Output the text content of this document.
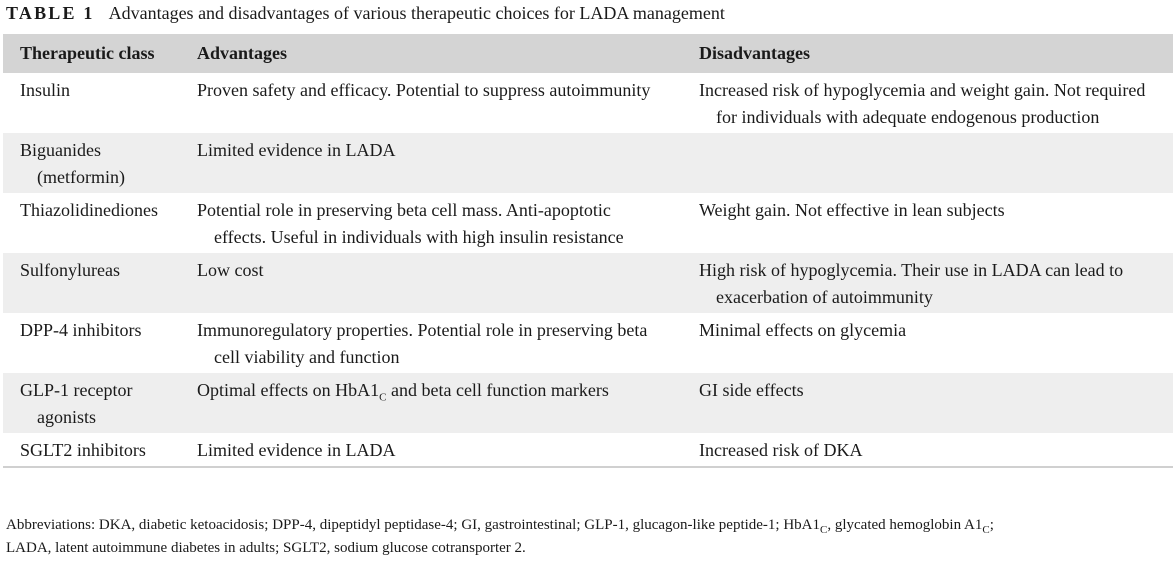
TABLE 1 Advantages and disadvantages of various therapeutic choices for LADA management
Therapeutic class	Advantages	Disadvantages

Insulin	Proven safety and efficacy. Potential to suppress autoimmunity	Increased risk of hypoglycemia and weight gain. Not required for individuals with adequate endogenous production

Biguanides (metformin)	Limited evidence in LADA	

Thiazolidinediones	Potential role in preserving beta cell mass. Anti-apoptotic effects. Useful in individuals with high insulin resistance	Weight gain. Not effective in lean subjects

Sulfonylureas	Low cost	High risk of hypoglycemia. Their use in LADA can lead to exacerbation of autoimmunity

DPP-4 inhibitors	Immunoregulatory properties. Potential role in preserving beta cell viability and function	Minimal effects on glycemia

GLP-1 receptor agonists	Optimal effects on $HbA1_C$ and beta cell function markers	GI side effects

SGLT2 inhibitors	Limited evidence in LADA	Increased risk of DKA
Abbreviations: DKA, diabetic ketoacidosis; DPP-4, dipeptidyl peptidase-4; GI, gastrointestinal; GLP-1, glucagon-like peptide-1; $HbA1_C$, glycated hemoglobin $A1_C$;
LADA, latent autoimmune diabetes in adults; SGLT2, sodium glucose cotransporter 2.
